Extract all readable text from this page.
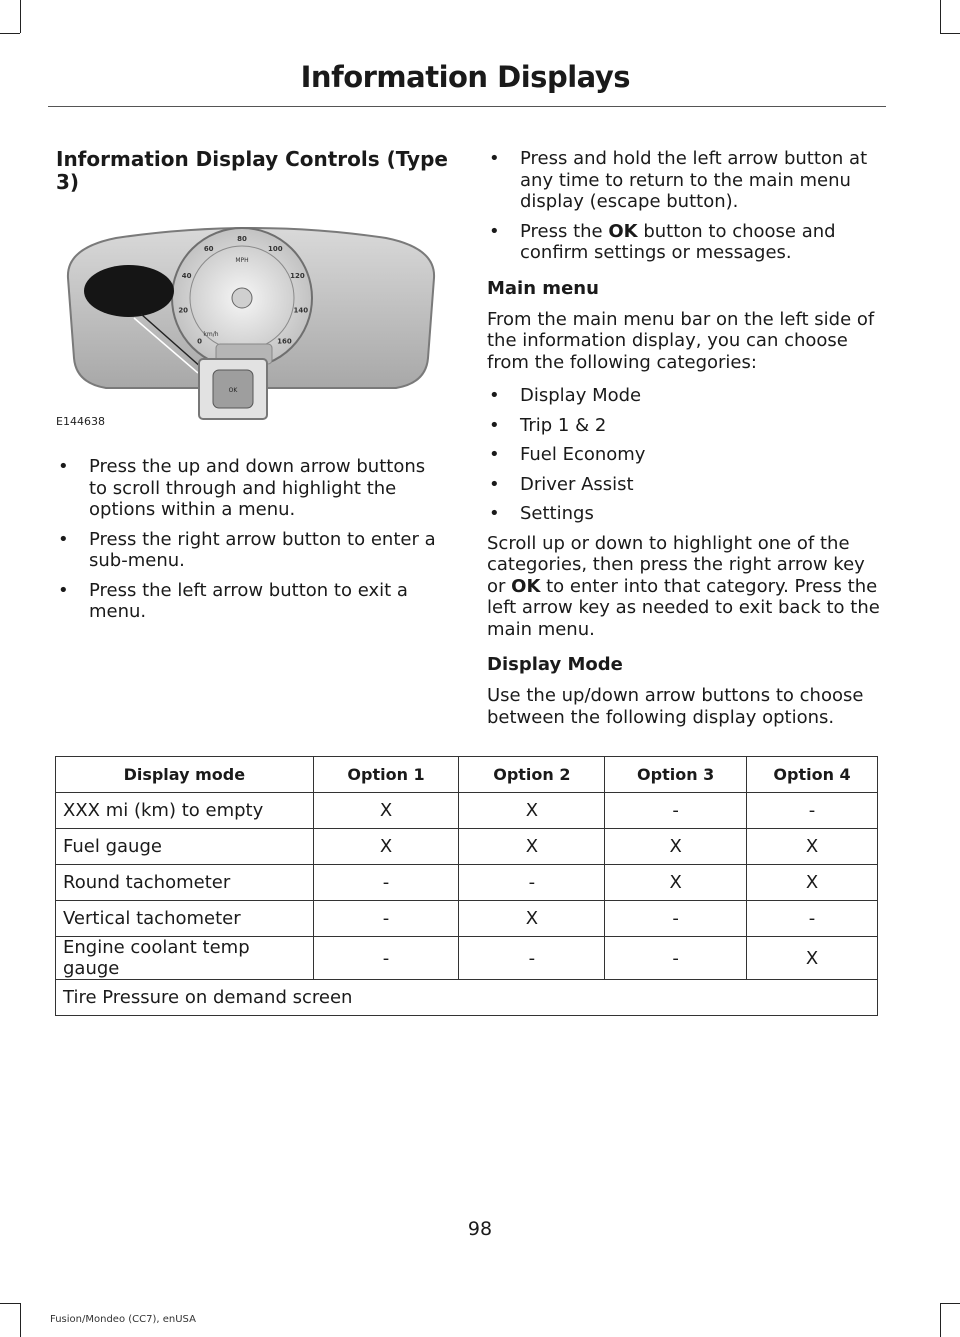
Information Displays
Information Display Controls (Type 3)
MPH
km/h
0
20
40
60
80
100
120
140
160
OK
E144638
• Press the up and down arrow buttons to scroll through and highlight the options within a menu.
• Press the right arrow button to enter a sub-menu.
• Press the left arrow button to exit a menu.
• Press and hold the left arrow button at any time to return to the main menu display (escape button).
• Press the OK button to choose and confirm settings or messages.
Main menu

From the main menu bar on the left side of the information display, you can choose from the following categories:

• Display Mode
• Trip 1 & 2
• Fuel Economy
• Driver Assist
• Settings

Scroll up or down to highlight one of the categories, then press the right arrow key or OK to enter into that category. Press the left arrow key as needed to exit back to the main menu.

Display Mode

Use the up/down arrow buttons to choose between the following display options.

Display mode	Option 1	Option 2	Option 3	Option 4
XXX mi (km) to empty	X	X	-	-
Fuel gauge	X	X	X	X
Round tachometer	-	-	X	X
Vertical tachometer	-	X	-	-
Engine coolant temp gauge	-	-	-	X
Tire Pressure on demand screen				
98
Fusion/Mondeo (CC7), enUSA
